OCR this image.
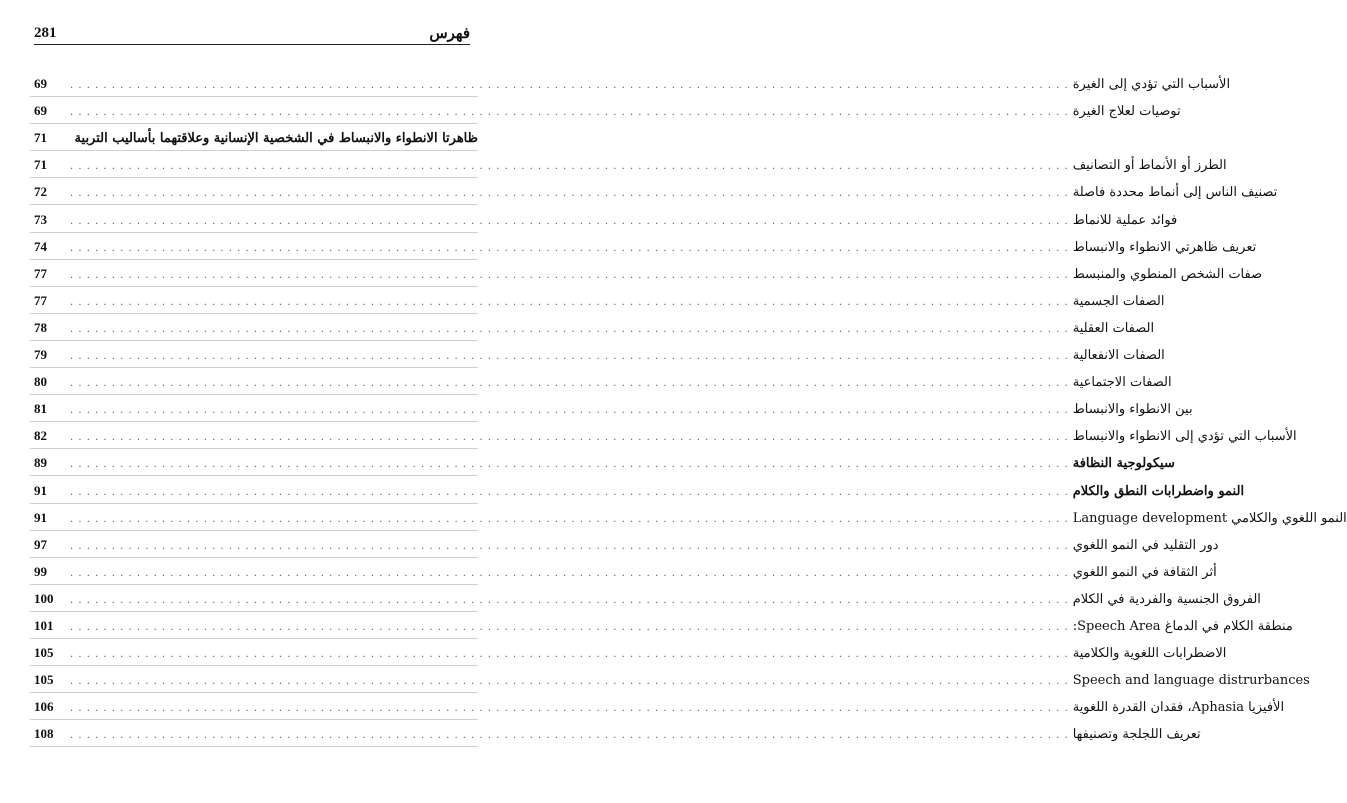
281	فهرس
69	. . . . . . . . . . . . . . . . . . . . . . . . . . . . . . . . . . . . . . . . . . . . . . . . . . . . . . . . . . . . . . . . . . . . . . . . . . . . . . . . . . . . . . . . . . . . . . . . . . . . . . . . . . . . . . . . . . . . . . . . الأسباب التي تؤدي إلى الغيرة
69	. . . . . . . . . . . . . . . . . . . . . . . . . . . . . . . . . . . . . . . . . . . . . . . . . . . . . . . . . . . . . . . . . . . . . . . . . . . . . . . . . . . . . . . . . . . . . . . . . . . . . . . . . . . . . . . . . . . . . . . . توصيات لعلاج الغيرة
71	ظاهرتا الانطواء والانبساط في الشخصية الإنسانية وعلاقتهما بأساليب التربية
71	. . . . . . . . . . . . . . . . . . . . . . . . . . . . . . . . . . . . . . . . . . . . . . . . . . . . . . . . . . . . . . . . . . . . . . . . . . . . . . . . . . . . . . . . . . . . . . . . . . . . . . . . . . . . . . . . . . . . . . . . الطرز أو الأنماط أو التصانيف
72	. . . . . . . . . . . . . . . . . . . . . . . . . . . . . . . . . . . . . . . . . . . . . . . . . . . . . . . . . . . . . . . . . . . . . . . . . . . . . . . . . . . . . . . . . . . . . . . . . . . . . . . . . . . . . . . . . . . . . . . . تصنيف الناس إلى أنماط محددة فاصلة
73	. . . . . . . . . . . . . . . . . . . . . . . . . . . . . . . . . . . . . . . . . . . . . . . . . . . . . . . . . . . . . . . . . . . . . . . . . . . . . . . . . . . . . . . . . . . . . . . . . . . . . . . . . . . . . . . . . . . . . . . . فوائد عملية للانماط
74	. . . . . . . . . . . . . . . . . . . . . . . . . . . . . . . . . . . . . . . . . . . . . . . . . . . . . . . . . . . . . . . . . . . . . . . . . . . . . . . . . . . . . . . . . . . . . . . . . . . . . . . . . . . . . . . . . . . . . . . . تعريف ظاهرتي الانطواء والانبساط
77	. . . . . . . . . . . . . . . . . . . . . . . . . . . . . . . . . . . . . . . . . . . . . . . . . . . . . . . . . . . . . . . . . . . . . . . . . . . . . . . . . . . . . . . . . . . . . . . . . . . . . . . . . . . . . . . . . . . . . . . . صفات الشخص المنطوي والمنبسط
77	. . . . . . . . . . . . . . . . . . . . . . . . . . . . . . . . . . . . . . . . . . . . . . . . . . . . . . . . . . . . . . . . . . . . . . . . . . . . . . . . . . . . . . . . . . . . . . . . . . . . . . . . . . . . . . . . . . . . . . . . الصفات الجسمية
78	. . . . . . . . . . . . . . . . . . . . . . . . . . . . . . . . . . . . . . . . . . . . . . . . . . . . . . . . . . . . . . . . . . . . . . . . . . . . . . . . . . . . . . . . . . . . . . . . . . . . . . . . . . . . . . . . . . . . . . . . الصفات العقلية
79	. . . . . . . . . . . . . . . . . . . . . . . . . . . . . . . . . . . . . . . . . . . . . . . . . . . . . . . . . . . . . . . . . . . . . . . . . . . . . . . . . . . . . . . . . . . . . . . . . . . . . . . . . . . . . . . . . . . . . . . . الصفات الانفعالية
80	. . . . . . . . . . . . . . . . . . . . . . . . . . . . . . . . . . . . . . . . . . . . . . . . . . . . . . . . . . . . . . . . . . . . . . . . . . . . . . . . . . . . . . . . . . . . . . . . . . . . . . . . . . . . . . . . . . . . . . . . الصفات الاجتماعية
81	. . . . . . . . . . . . . . . . . . . . . . . . . . . . . . . . . . . . . . . . . . . . . . . . . . . . . . . . . . . . . . . . . . . . . . . . . . . . . . . . . . . . . . . . . . . . . . . . . . . . . . . . . . . . . . . . . . . . . . . . بين الانطواء والانبساط
82	. . . . . . . . . . . . . . . . . . . . . . . . . . . . . . . . . . . . . . . . . . . . . . . . . . . . . . . . . . . . . . . . . . . . . . . . . . . . . . . . . . . . . . . . . . . . . . . . . . . . . . . . . . . . . . . . . . . . . . . . الأسباب التي تؤدي إلى الانطواء والانبساط
89	. . . . . . . . . . . . . . . . . . . . . . . . . . . . . . . . . . . . . . . . . . . . . . . . . . . . . . . . . . . . . . . . . . . . . . . . . . . . . . . . . . . . . . . . . . . . . . . . . . . . . . . . . . . . . . . . . . . . . . . . سيكولوجية النظافة
91	. . . . . . . . . . . . . . . . . . . . . . . . . . . . . . . . . . . . . . . . . . . . . . . . . . . . . . . . . . . . . . . . . . . . . . . . . . . . . . . . . . . . . . . . . . . . . . . . . . . . . . . . . . . . . . . . . . . . . . . . النمو واضطرابات النطق والكلام
91	. . . . . . . . . . . . . . . . . . . . . . . . . . . . . . . . . . . . . . . . . . . . . . . . . . . . . . . . . . . . . . . . . . . . . . . . . . . . . . . . . . . . . . . . . . . . . . . . . . . . . . . . . . . . . . . . . . . . . . . . النمو اللغوي والكلامي Language development
97	. . . . . . . . . . . . . . . . . . . . . . . . . . . . . . . . . . . . . . . . . . . . . . . . . . . . . . . . . . . . . . . . . . . . . . . . . . . . . . . . . . . . . . . . . . . . . . . . . . . . . . . . . . . . . . . . . . . . . . . . دور التقليد في النمو اللغوي
99	. . . . . . . . . . . . . . . . . . . . . . . . . . . . . . . . . . . . . . . . . . . . . . . . . . . . . . . . . . . . . . . . . . . . . . . . . . . . . . . . . . . . . . . . . . . . . . . . . . . . . . . . . . . . . . . . . . . . . . . . أثر الثقافة في النمو اللغوي
100	. . . . . . . . . . . . . . . . . . . . . . . . . . . . . . . . . . . . . . . . . . . . . . . . . . . . . . . . . . . . . . . . . . . . . . . . . . . . . . . . . . . . . . . . . . . . . . . . . . . . . . . . . . . . . . . . . . . . . . . . الفروق الجنسية والفردية في الكلام
101	. . . . . . . . . . . . . . . . . . . . . . . . . . . . . . . . . . . . . . . . . . . . . . . . . . . . . . . . . . . . . . . . . . . . . . . . . . . . . . . . . . . . . . . . . . . . . . . . . . . . . . . . . . . . . . . . . . . . . . . . منطقة الكلام في الدماغ Speech Area:
105	. . . . . . . . . . . . . . . . . . . . . . . . . . . . . . . . . . . . . . . . . . . . . . . . . . . . . . . . . . . . . . . . . . . . . . . . . . . . . . . . . . . . . . . . . . . . . . . . . . . . . . . . . . . . . . . . . . . . . . . . الاضطرابات اللغوية والكلامية
105	. . . . . . . . . . . . . . . . . . . . . . . . . . . . . . . . . . . . . . . . . . . . . . . . . . . . . . . . . . . . . . . . . . . . . . . . . . . . . . . . . . . . . . . . . . . . . . . . . . . . . . . . . . . . . . . . . . . . . . . . Speech and language distrurbances
106	. . . . . . . . . . . . . . . . . . . . . . . . . . . . . . . . . . . . . . . . . . . . . . . . . . . . . . . . . . . . . . . . . . . . . . . . . . . . . . . . . . . . . . . . . . . . . . . . . . . . . . . . . . . . . . . . . . . . . . . . الأفيزيا Aphasia، فقدان القدرة اللغوية
108	. . . . . . . . . . . . . . . . . . . . . . . . . . . . . . . . . . . . . . . . . . . . . . . . . . . . . . . . . . . . . . . . . . . . . . . . . . . . . . . . . . . . . . . . . . . . . . . . . . . . . . . . . . . . . . . . . . . . . . . . تعريف اللجلجة وتصنيفها
